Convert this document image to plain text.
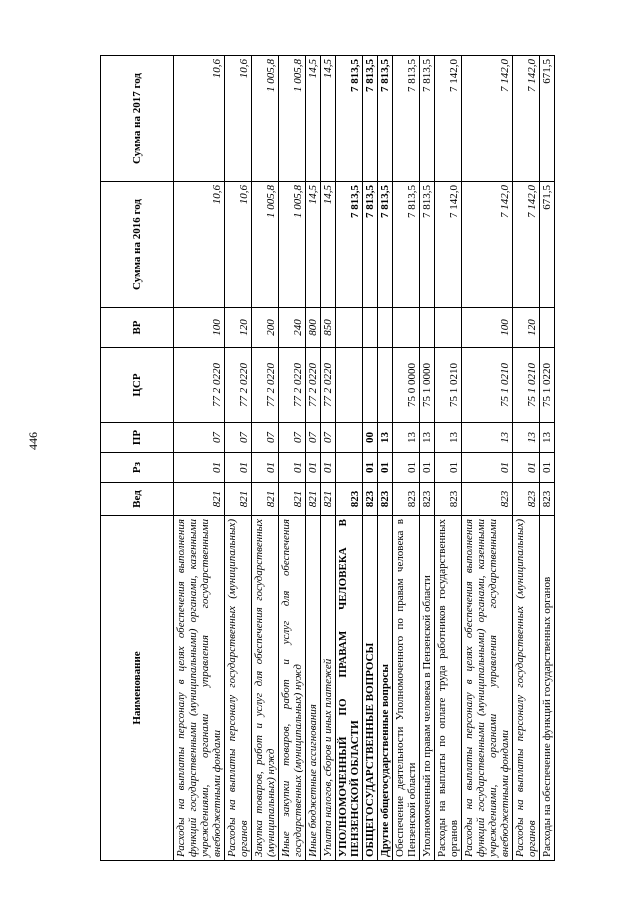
446
Наименование	Вед	Рз	ПР	ЦСР	ВР	Сумма на 2016 год	Сумма на 2017 год
Расходы на выплаты персоналу в целях обеспечения выполнения функций государственными (муниципальными) органами, казенными учреждениями, органами управления государственными внебюджетными фондами	821	01	07	77 2 0220	100	10,6	10,6
Расходы на выплаты персоналу государственных (муниципальных) органов	821	01	07	77 2 0220	120	10,6	10,6
Закупка товаров, работ и услуг для обеспечения государственных (муниципальных) нужд	821	01	07	77 2 0220	200	1 005,8	1 005,8
Иные закупки товаров, работ и услуг для обеспечения государственных (муниципальных) нужд	821	01	07	77 2 0220	240	1 005,8	1 005,8
Иные бюджетные ассигнования	821	01	07	77 2 0220	800	14,5	14,5
Уплата налогов, сборов и иных платежей	821	01	07	77 2 0220	850	14,5	14,5
УПОЛНОМОЧЕННЫЙ ПО ПРАВАМ ЧЕЛОВЕКА В ПЕНЗЕНСКОЙ ОБЛАСТИ	823					7 813,5	7 813,5
ОБЩЕГОСУДАРСТВЕННЫЕ ВОПРОСЫ	823	01	00			7 813,5	7 813,5
Другие общегосударственные вопросы	823	01	13			7 813,5	7 813,5
Обеспечение деятельности Уполномоченного по правам человека в Пензенской области	823	01	13	75 0 0000		7 813,5	7 813,5
Уполномоченный по правам человека в Пензенской области	823	01	13	75 1 0000		7 813,5	7 813,5
Расходы на выплаты по оплате труда работников государственных органов	823	01	13	75 1 0210		7 142,0	7 142,0
Расходы на выплаты персоналу в целях обеспечения выполнения функций государственными (муниципальными) органами, казенными учреждениями, органами управления государственными внебюджетными фондами	823	01	13	75 1 0210	100	7 142,0	7 142,0
Расходы на выплаты персоналу государственных (муниципальных) органов	823	01	13	75 1 0210	120	7 142,0	7 142,0
Расходы на обеспечение функций государственных органов	823	01	13	75 1 0220		671,5	671,5
